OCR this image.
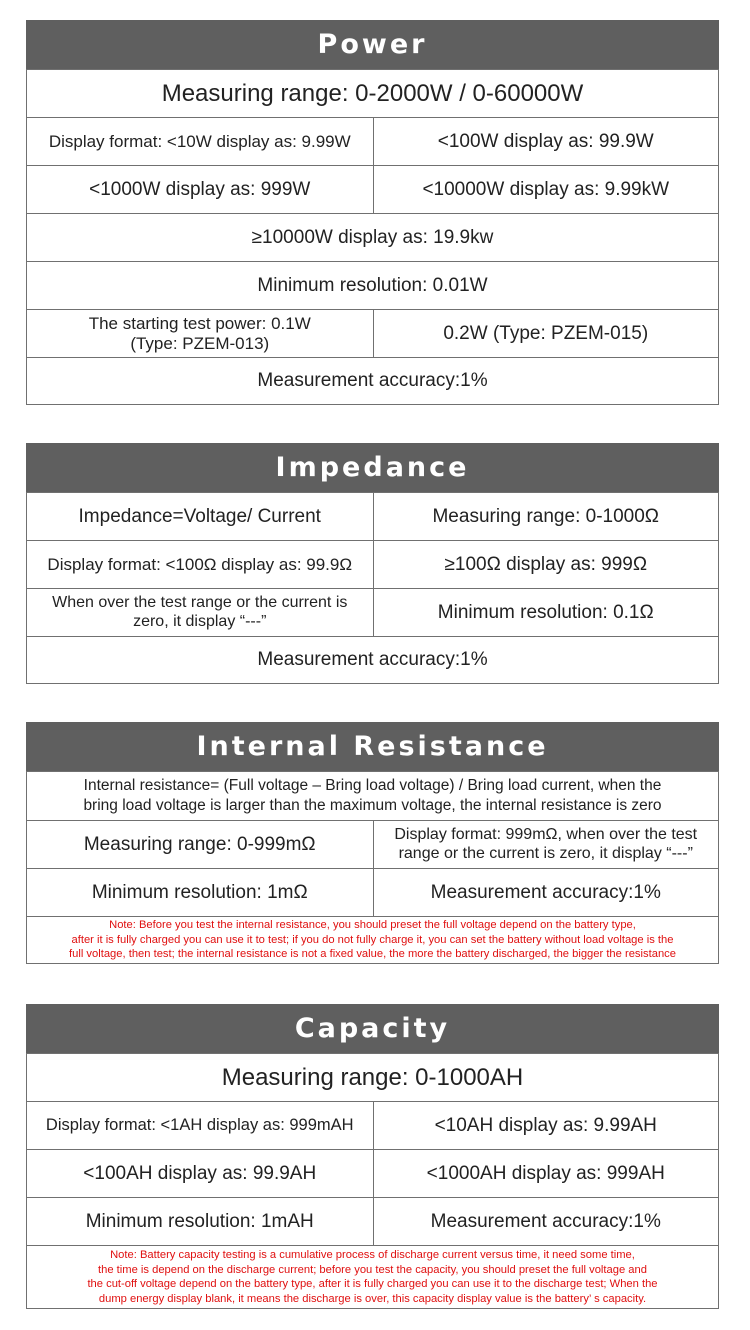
Power
Measuring range: 0-2000W / 0-60000W
Display format: <10W display as: 9.99W	<100W display as: 99.9W
<1000W display as: 999W	<10000W display as: 9.99kW
≥10000W display as: 19.9kw
Minimum resolution: 0.01W
The starting test power: 0.1W
(Type: PZEM-013)	0.2W (Type: PZEM-015)
Measurement accuracy:1%
Impedance
Impedance=Voltage/ Current	Measuring range: 0-1000Ω
Display format: <100Ω display as: 99.9Ω	≥100Ω display as: 999Ω
When over the test range or the current is
zero, it display “---”	Minimum resolution: 0.1Ω
Measurement accuracy:1%
Internal Resistance
Internal resistance= (Full voltage – Bring load voltage) / Bring load current, when the
bring load voltage is larger than the maximum voltage, the internal resistance is zero
Measuring range: 0-999mΩ	Display format: 999mΩ, when over the test
range or the current is zero, it display “---”
Minimum resolution: 1mΩ	Measurement accuracy:1%
Note: Before you test the internal resistance, you should preset the full voltage depend on the battery type,
after it is fully charged you can use it to test; if you do not fully charge it, you can set the battery without load voltage is the
full voltage, then test; the internal resistance is not a fixed value, the more the battery discharged, the bigger the resistance
Capacity
Measuring range: 0-1000AH
Display format: <1AH display as: 999mAH	<10AH display as: 9.99AH
<100AH display as: 99.9AH	<1000AH display as: 999AH
Minimum resolution: 1mAH	Measurement accuracy:1%
Note: Battery capacity testing is a cumulative process of discharge current versus time, it need some time,
the time is depend on the discharge current; before you test the capacity, you should preset the full voltage and
the cut-off voltage depend on the battery type, after it is fully charged you can use it to the discharge test; When the
dump energy display blank, it means the discharge is over, this capacity display value is the battery’ s capacity.
